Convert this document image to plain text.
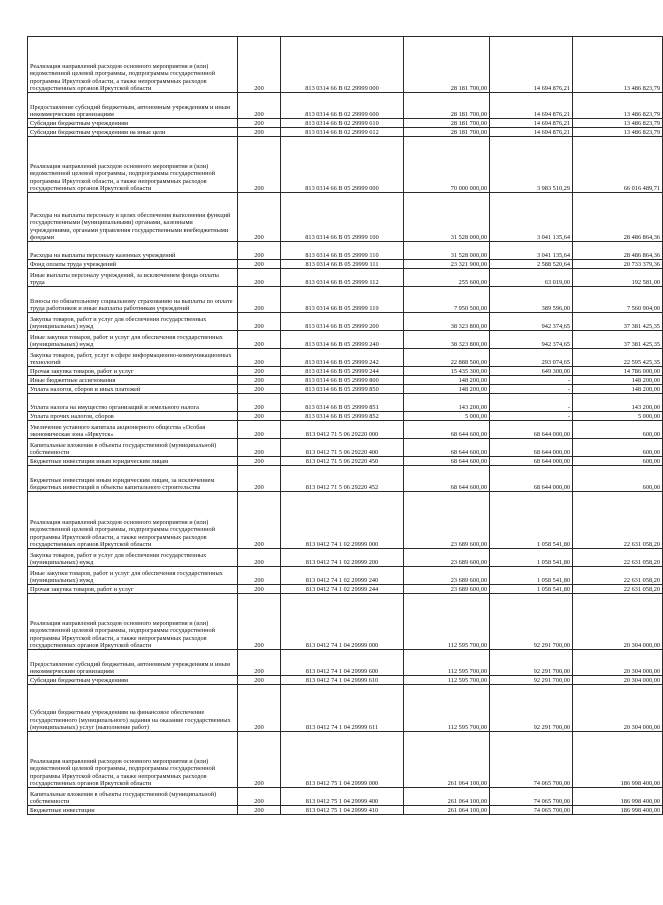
Реализация направлений расходов основного мероприятия и (или) ведомственной целевой программы, подпрограммы государственной программы Иркутской области, а также непрограммных расходов государственных органов Иркутской области	200	813 0314 66 В 02 29999 000	28 181 700,00	14 694 876,21	13 486 823,79
Предоставление субсидий бюджетным, автономным учреждениям и иным некоммерческим организациям	200	813 0314 66 В 02 29999 600	28 181 700,00	14 694 876,21	13 486 823,79
Субсидии бюджетным учреждениям	200	813 0314 66 В 02 29999 610	28 181 700,00	14 694 876,21	13 486 823,79
Субсидии бюджетным учреждениям на иные цели	200	813 0314 66 В 02 29999 612	28 181 700,00	14 694 876,21	13 486 823,79
Реализация направлений расходов основного мероприятия и (или) ведомственной целевой программы, подпрограммы государственной программы Иркутской области, а также непрограммных расходов государственных органов Иркутской области	200	813 0314 66 В 05 29999 000	70 000 000,00	3 983 510,29	66 016 489,71
Расходы на выплаты персоналу в целях обеспечения выполнения функций государственными (муниципальными) органами, казенными учреждениями, органами управления государственными внебюджетными фондами	200	813 0314 66 В 05 29999 100	31 528 000,00	3 041 135,64	28 486 864,36
Расходы на выплаты персоналу казенных учреждений	200	813 0314 66 В 05 29999 110	31 528 000,00	3 041 135,64	28 486 864,36
Фонд оплаты труда учреждений	200	813 0314 66 В 05 29999 111	23 321 900,00	2 588 520,64	20 733 379,36
Иные выплаты персоналу учреждений, за исключением фонда оплаты труда	200	813 0314 66 В 05 29999 112	255 600,00	63 019,00	192 581,00
Взносы по обязательному социальному страхованию на выплаты по оплате труда работников и иные выплаты работникам учреждений	200	813 0314 66 В 05 29999 119	7 950 500,00	389 596,00	7 560 904,00
Закупка товаров, работ и услуг для обеспечения государственных (муниципальных) нужд	200	813 0314 66 В 05 29999 200	38 323 800,00	942 374,65	37 381 425,35
Иные закупки товаров, работ и услуг для обеспечения государственных (муниципальных) нужд	200	813 0314 66 В 05 29999 240	38 323 800,00	942 374,65	37 381 425,35
Закупка товаров, работ, услуг в сфере информационно-коммуникационных технологий	200	813 0314 66 В 05 29999 242	22 888 500,00	293 074,65	22 595 425,35
Прочая закупка товаров, работ и услуг	200	813 0314 66 В 05 29999 244	15 435 300,00	649 300,00	14 786 000,00
Иные бюджетные ассигнования	200	813 0314 66 В 05 29999 800	148 200,00	-	148 200,00
Уплата налогов, сборов и иных платежей	200	813 0314 66 В 05 29999 850	148 200,00	-	148 200,00
Уплата налога на имущество организаций и земельного налога	200	813 0314 66 В 05 29999 851	143 200,00	-	143 200,00
Уплата прочих налогов, сборов	200	813 0314 66 В 05 29999 852	5 000,00	-	5 000,00
Увеличение уставного капитала акционерного общества «Особая экономическая зона «Иркутск»	200	813 0412 71 5 06 29220 000	68 644 600,00	68 644 000,00	600,00
Капитальные вложения в объекты государственной (муниципальной) собственности	200	813 0412 71 5 06 29220 400	68 644 600,00	68 644 000,00	600,00
Бюджетные инвестиции иным юридическим лицам	200	813 0412 71 5 06 29220 450	68 644 600,00	68 644 000,00	600,00
Бюджетные инвестиции иным юридическим лицам, за исключением бюджетных инвестиций в объекты капитального строительства	200	813 0412 71 5 06 29220 452	68 644 600,00	68 644 000,00	600,00
Реализация направлений расходов основного мероприятия и (или) ведомственной целевой программы, подпрограммы государственной программы Иркутской области, а также непрограммных расходов государственных органов Иркутской области	200	813 0412 74 1 02 29999 000	23 689 600,00	1 058 541,80	22 631 058,20
Закупка товаров, работ и услуг для обеспечения государственных (муниципальных) нужд	200	813 0412 74 1 02 29999 200	23 689 600,00	1 058 541,80	22 631 058,20
Иные закупки товаров, работ и услуг для обеспечения государственных (муниципальных) нужд	200	813 0412 74 1 02 29999 240	23 689 600,00	1 058 541,80	22 631 058,20
Прочая закупка товаров, работ и услуг	200	813 0412 74 1 02 29999 244	23 689 600,00	1 058 541,80	22 631 058,20
Реализация направлений расходов основного мероприятия и (или) ведомственной целевой программы, подпрограммы государственной программы Иркутской области, а также непрограммных расходов государственных органов Иркутской области	200	813 0412 74 1 04 29999 000	112 595 700,00	92 291 700,00	20 304 000,00
Предоставление субсидий бюджетным, автономным учреждениям и иным некоммерческим организациям	200	813 0412 74 1 04 29999 600	112 595 700,00	92 291 700,00	20 304 000,00
Субсидии бюджетным учреждениям	200	813 0412 74 1 04 29999 610	112 595 700,00	92 291 700,00	20 304 000,00
Субсидии бюджетным учреждениям на финансовое обеспечение государственного (муниципального) задания на оказание государственных (муниципальных) услуг (выполнение работ)	200	813 0412 74 1 04 29999 611	112 595 700,00	92 291 700,00	20 304 000,00
Реализация направлений расходов основного мероприятия и (или) ведомственной целевой программы, подпрограммы государственной программы Иркутской области, а также непрограммных расходов государственных органов Иркутской области	200	813 0412 75 1 04 29999 000	261 064 100,00	74 065 700,00	186 998 400,00
Капитальные вложения в объекты государственной (муниципальной) собственности	200	813 0412 75 1 04 29999 400	261 064 100,00	74 065 700,00	186 998 400,00
Бюджетные инвестиции	200	813 0412 75 1 04 29999 410	261 064 100,00	74 065 700,00	186 998 400,00
